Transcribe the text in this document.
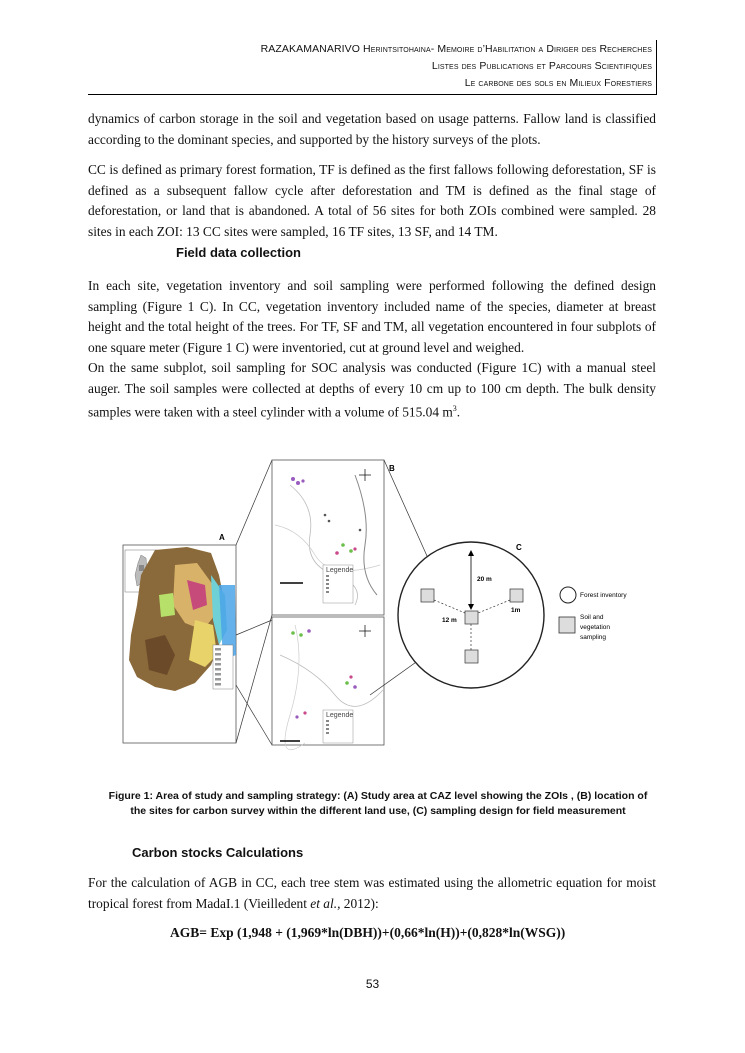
RAZAKAMANARIVO Herintsitohaina- Memoire d’Habilitation a Diriger des Recherches
Listes des Publications et Parcours Scientifiques
Le carbone des sols en Milieux Forestiers

dynamics of carbon storage in the soil and vegetation based on usage patterns. Fallow land is classified according to the dominant species, and supported by the history surveys of the plots.

CC is defined as primary forest formation, TF is defined as the first fallows following deforestation, SF is defined as a subsequent fallow cycle after deforestation and TM is defined as the final stage of deforestation, or land that is abandoned. A total of 56 sites for both ZOIs combined were sampled. 28 sites in each ZOI: 13 CC sites were sampled, 16 TF sites, 13 SF, and 14 TM.

Field data collection

In each site, vegetation inventory and soil sampling were performed following the defined design sampling (Figure 1 C). In CC, vegetation inventory included name of the species, diameter at breast height and the total height of the trees. For TF, SF and TM, all vegetation encountered in four subplots of one square meter (Figure 1 C) were inventoried, cut at ground level and weighed.

On the same subplot, soil sampling for SOC analysis was conducted (Figure 1C) with a manual steel auger. The soil samples were collected at depths of every 10 cm up to 100 cm depth. The bulk density samples were taken with a steel cylinder with a volume of 515.04 $m^3$.

A
Legende
B
Legende
C
20 m
12 m
1m
Forest inventory
Soil and
vegetation
sampling

Figure 1: Area of study and sampling strategy: (A) Study area at CAZ level showing the ZOIs , (B) location of the sites for carbon survey within the different land use, (C) sampling design for field measurement

Carbon stocks Calculations

For the calculation of AGB in CC, each tree stem was estimated using the allometric equation for moist tropical forest from MadaI.1 (Vieilledent et al., 2012):

AGB= Exp (1,948 + (1,969*ln(DBH))+(0,66*ln(H))+(0,828*ln(WSG))

53
